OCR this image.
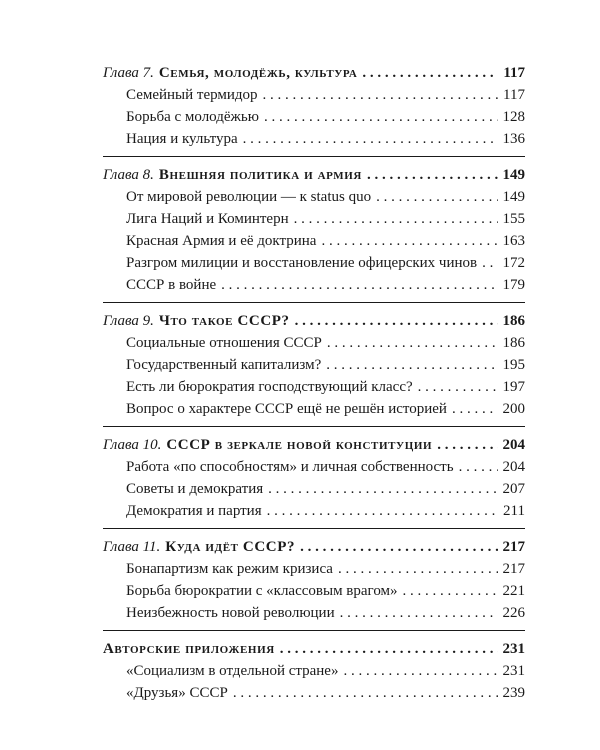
Глава 7. Семья, молодёжь, культура . . .	117
Семейный термидор . . .	117
Борьба с молодёжью . . .	128
Нация и культура . . .	136
Глава 8. Внешняя политика и армия . . .	149
От мировой революции — к status quo . . .	149
Лига Наций и Коминтерн . . .	155
Красная Армия и её доктрина . . .	163
Разгром милиции и восстановление офицерских чинов . . . 172
СССР в войне . . .	179
Глава 9. Что такое СССР? . . .	186
Социальные отношения СССР . . .	186
Государственный капитализм? . . .	195
Есть ли бюрократия господствующий класс? . . .	197
Вопрос о характере СССР ещё не решён историей . . .	200
Глава 10. СССР в зеркале новой конституции . . .	204
Работа «по способностям» и личная собственность . . .	204
Советы и демократия . . .	207
Демократия и партия . . .	211
Глава 11. Куда идёт СССР? . . .	217
Бонапартизм как режим кризиса . . .	217
Борьба бюрократии с «классовым врагом» . . .	221
Неизбежность новой революции . . .	226
Авторские приложения . . .	231
«Социализм в отдельной стране» . . .	231
«Друзья» СССР . . .	239
